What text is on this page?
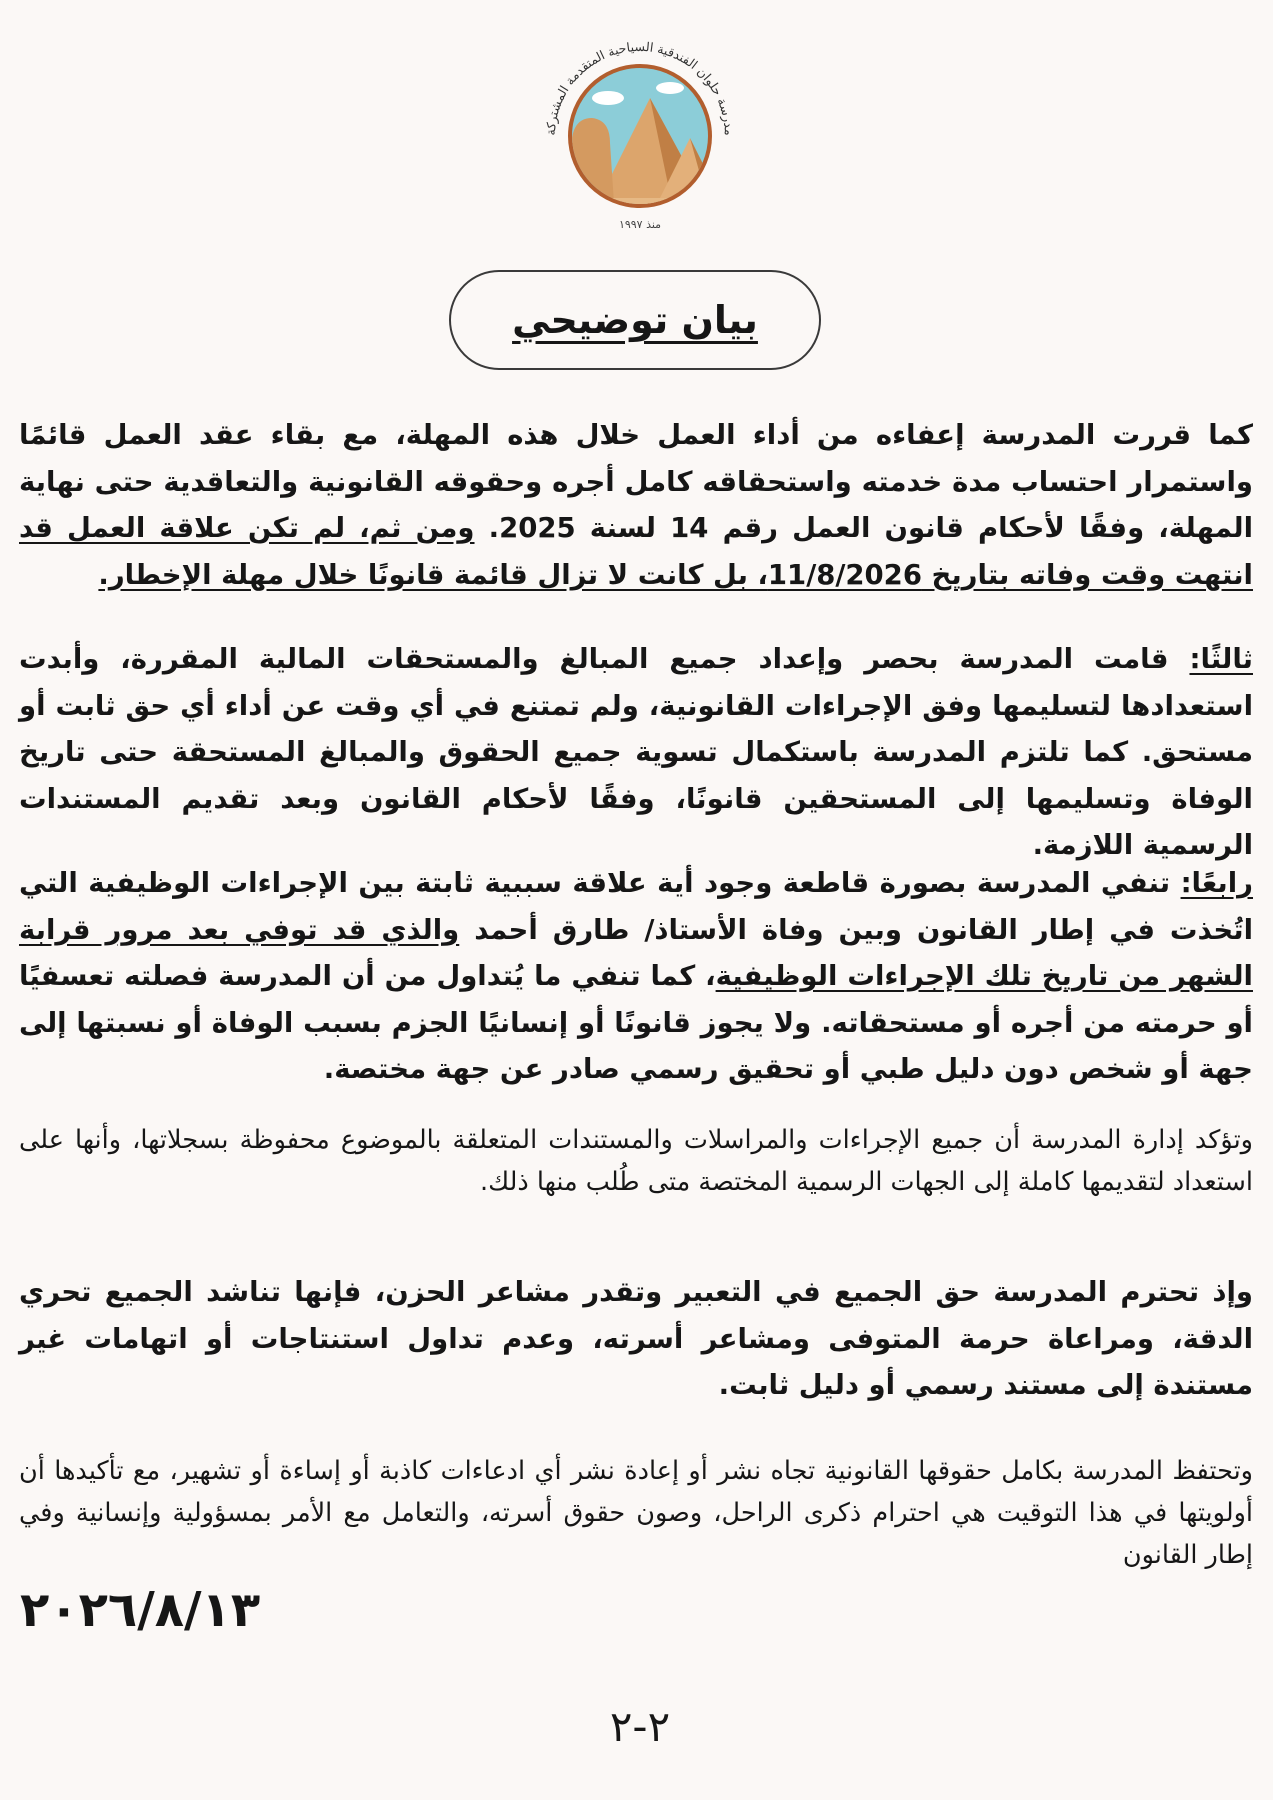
مدرسة حلوان الفندقية السياحية المتقدمة المشتركة
منذ ١٩٩٧
بيان توضيحي

كما قررت المدرسة إعفاءه من أداء العمل خلال هذه المهلة، مع بقاء عقد العمل قائمًا واستمرار احتساب مدة خدمته واستحقاقه كامل أجره وحقوقه القانونية والتعاقدية حتى نهاية المهلة، وفقًا لأحكام قانون العمل رقم 14 لسنة 2025. ومن ثم، لم تكن علاقة العمل قد انتهت وقت وفاته بتاريخ 11/8/2026، بل كانت لا تزال قائمة قانونًا خلال مهلة الإخطار.

ثالثًا: قامت المدرسة بحصر وإعداد جميع المبالغ والمستحقات المالية المقررة، وأبدت استعدادها لتسليمها وفق الإجراءات القانونية، ولم تمتنع في أي وقت عن أداء أي حق ثابت أو مستحق. كما تلتزم المدرسة باستكمال تسوية جميع الحقوق والمبالغ المستحقة حتى تاريخ الوفاة وتسليمها إلى المستحقين قانونًا، وفقًا لأحكام القانون وبعد تقديم المستندات الرسمية اللازمة.

رابعًا: تنفي المدرسة بصورة قاطعة وجود أية علاقة سببية ثابتة بين الإجراءات الوظيفية التي اتُخذت في إطار القانون وبين وفاة الأستاذ/ طارق أحمد والذي قد توفي بعد مرور قرابة الشهر من تاريخ تلك الإجراءات الوظيفية، كما تنفي ما يُتداول من أن المدرسة فصلته تعسفيًا أو حرمته من أجره أو مستحقاته. ولا يجوز قانونًا أو إنسانيًا الجزم بسبب الوفاة أو نسبتها إلى جهة أو شخص دون دليل طبي أو تحقيق رسمي صادر عن جهة مختصة.

وتؤكد إدارة المدرسة أن جميع الإجراءات والمراسلات والمستندات المتعلقة بالموضوع محفوظة بسجلاتها، وأنها على استعداد لتقديمها كاملة إلى الجهات الرسمية المختصة متى طُلب منها ذلك.

وإذ تحترم المدرسة حق الجميع في التعبير وتقدر مشاعر الحزن، فإنها تناشد الجميع تحري الدقة، ومراعاة حرمة المتوفى ومشاعر أسرته، وعدم تداول استنتاجات أو اتهامات غير مستندة إلى مستند رسمي أو دليل ثابت.

وتحتفظ المدرسة بكامل حقوقها القانونية تجاه نشر أو إعادة نشر أي ادعاءات كاذبة أو إساءة أو تشهير، مع تأكيدها أن أولويتها في هذا التوقيت هي احترام ذكرى الراحل، وصون حقوق أسرته، والتعامل مع الأمر بمسؤولية وإنسانية وفي إطار القانون

٢٠٢٦/٨/١٣
٢-٢
